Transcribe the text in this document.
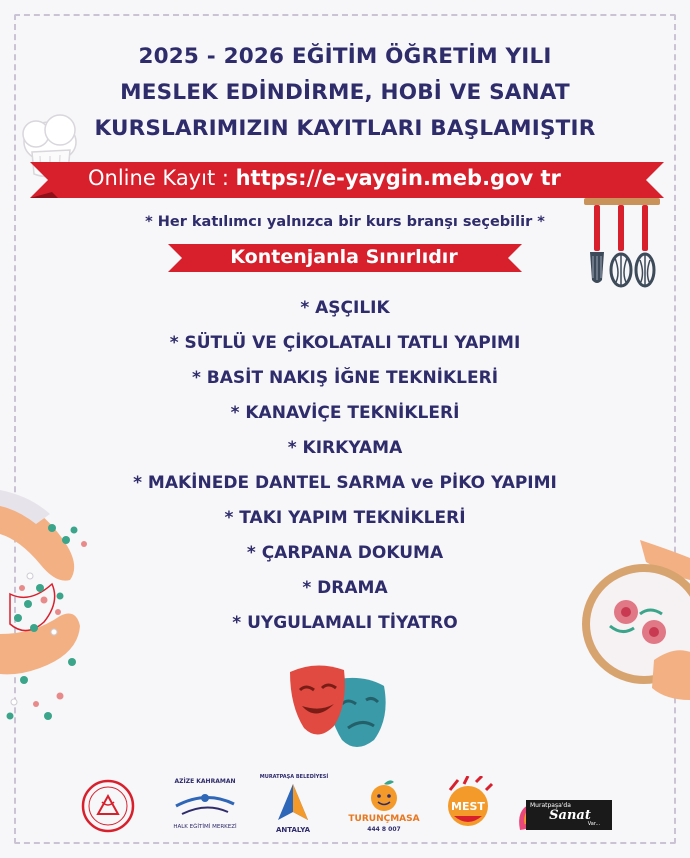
2025 - 2026 EĞİTİM ÖĞRETİM YILI
MESLEK EDİNDİRME, HOBİ VE SANAT
KURSLARIMIZIN KAYITLARI BAŞLAMIŞTIR
Online Kayıt : https://e-yaygin.meb.gov tr
* Her katılımcı yalnızca bir kurs branşı seçebilir *
Kontenjanla Sınırlıdır
* AŞÇILIK
* SÜTLÜ VE ÇİKOLATALI TATLI YAPIMI
* BASİT NAKIŞ İĞNE TEKNİKLERİ
* KANAVİÇE TEKNİKLERİ
* KIRKYAMA
* MAKİNEDE DANTEL SARMA ve PİKO YAPIMI
* TAKI YAPIM TEKNİKLERİ
* ÇARPANA DOKUMA
* DRAMA
* UYGULAMALI TİYATRO
AZİZE KAHRAMAN
HALK EĞİTİMİ MERKEZİ
MURATPAŞA BELEDİYESİ
ANTALYA
TURUNÇMASA
444 8 007
MEST	Muratpaşa'da
Sanat
Var...
